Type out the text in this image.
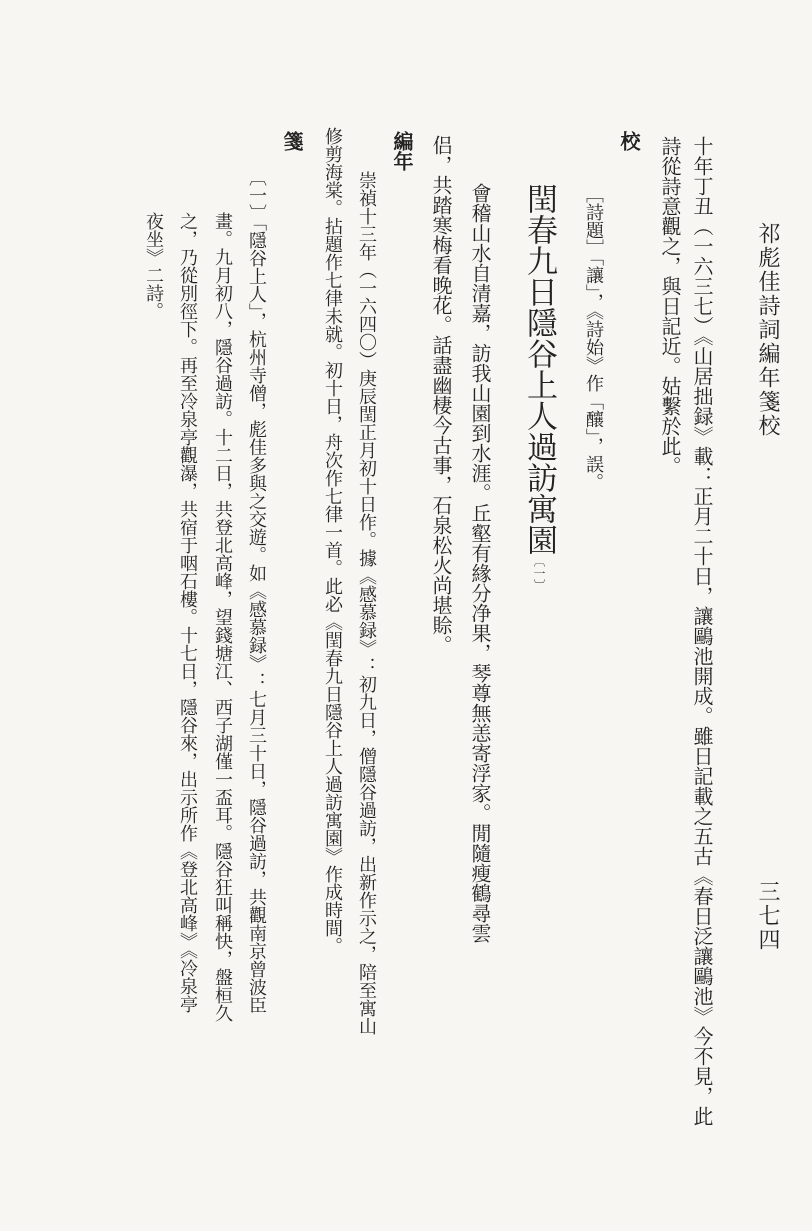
祁彪佳詩詞編年箋校
三七四
十年丁丑（一六三七）《山居拙録》載：正月二十日，讓鷗池開成。雖日記載之五古《春日泛讓鷗池》今不見，此
詩從詩意觀之，與日記近。姑繫於此。
校
［詩題］「讓」，《詩始》作「釀」，誤。
閏春九日隱谷上人過訪寓園〔一〕
會稽山水自清嘉，訪我山園到水涯。丘壑有緣分净果，琴尊無恙寄浮家。閒隨瘦鶴尋雲
侣，共踏寒梅看晚花。話盡幽棲今古事，石泉松火尚堪賒。
編年
崇禎十三年（一六四〇）庚辰閏正月初十日作。據《感慕録》：初九日，僧隱谷過訪，出新作示之，陪至寓山
修剪海棠。拈題作七律未就。初十日，舟次作七律一首。此必《閏春九日隱谷上人過訪寓園》作成時間。
箋
〔一〕「隱谷上人」，杭州寺僧，彪佳多與之交遊。如《感慕録》：七月三十日，隱谷過訪，共觀南京曾波臣
畫。九月初八，隱谷過訪。十二日，共登北高峰，望錢塘江、西子湖僅一盃耳。隱谷狂叫稱快，盤桓久
之，乃從別徑下。再至冷泉亭觀瀑，共宿于咽石樓。十七日，隱谷來，出示所作《登北高峰》《冷泉亭
夜坐》二詩。
